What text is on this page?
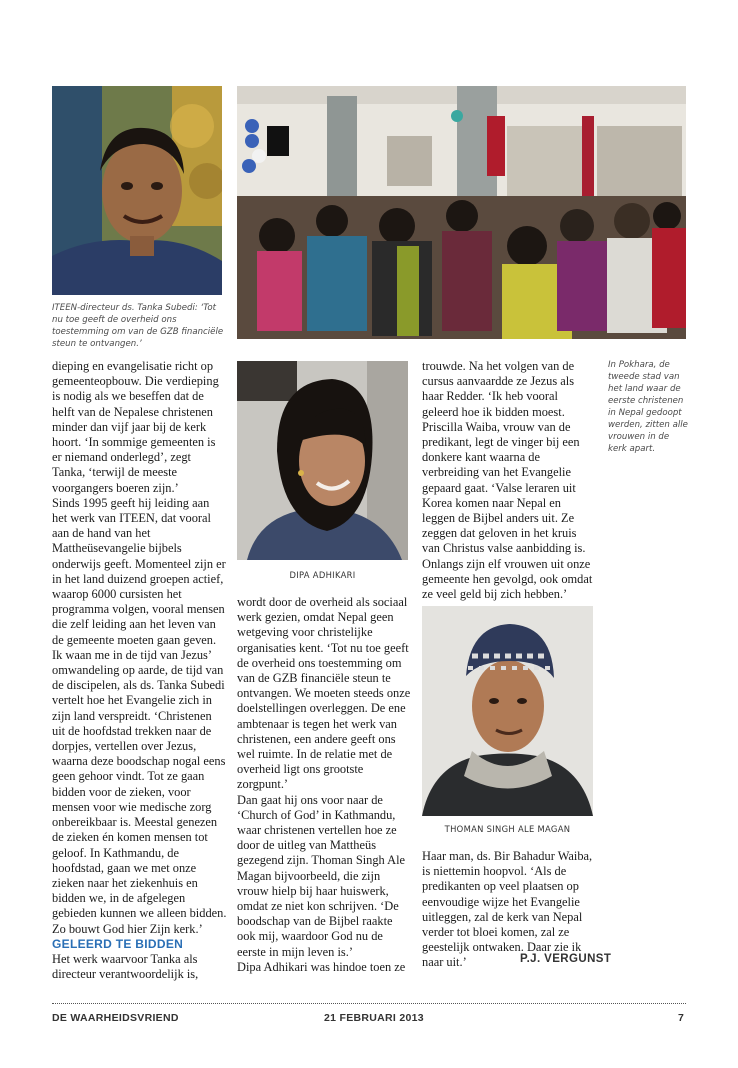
ITEEN-directeur ds. Tanka Subedi: ‘Tot nu toe geeft de overheid ons toestemming om van de GZB financiële steun te ontvangen.’
In Pokhara, de tweede stad van het land waar de eerste christenen in Nepal gedoopt werden, zitten alle vrouwen in de kerk apart.

dieping en evangelisatie richt op gemeenteopbouw. Die verdieping is nodig als we beseffen dat de helft van de Nepalese christenen minder dan vijf jaar bij de kerk hoort. ‘In sommige gemeenten is er niemand onderlegd’, zegt Tanka, ‘terwijl de meeste voorgangers boeren zijn.’

Sinds 1995 geeft hij leiding aan het werk van ITEEN, dat vooral aan de hand van het Mattheüsevangelie bijbels onderwijs geeft. Momenteel zijn er in het land duizend groepen actief, waarop 6000 cursisten het programma volgen, vooral mensen die zelf leiding aan het leven van de gemeente moeten gaan geven.

Ik waan me in de tijd van Jezus’ omwandeling op aarde, de tijd van de discipelen, als ds. Tanka Subedi vertelt hoe het Evangelie zich in zijn land verspreidt. ‘Christenen uit de hoofdstad trekken naar de dorpjes, vertellen over Jezus, waarna deze boodschap nogal eens geen gehoor vindt. Tot ze gaan bidden voor de zieken, voor mensen voor wie medische zorg onbereikbaar is. Meestal genezen de zieken én komen mensen tot geloof. In Kathmandu, de hoofdstad, gaan we met onze zieken naar het ziekenhuis en bidden we, in de afgelegen gebieden kunnen we alleen bidden. Zo bouwt God hier Zijn kerk.’

GELEERD TE BIDDEN

Het werk waarvoor Tanka als directeur verantwoordelijk is,

DIPA ADHIKARI

wordt door de overheid als sociaal werk gezien, omdat Nepal geen wetgeving voor christelijke organisaties kent. ‘Tot nu toe geeft de overheid ons toestemming om van de GZB financiële steun te ontvangen. We moeten steeds onze doelstellingen overleggen. De ene ambtenaar is tegen het werk van christenen, een andere geeft ons wel ruimte. In de relatie met de overheid ligt ons grootste zorgpunt.’

Dan gaat hij ons voor naar de ‘Church of God’ in Kathmandu, waar christenen vertellen hoe ze door de uitleg van Mattheüs gezegend zijn. Thoman Singh Ale Magan bijvoorbeeld, die zijn vrouw hielp bij haar huiswerk, omdat ze niet kon schrijven. ‘De boodschap van de Bijbel raakte ook mij, waardoor God nu de eerste in mijn leven is.’

Dipa Adhikari was hindoe toen ze

trouwde. Na het volgen van de cursus aanvaardde ze Jezus als haar Redder. ‘Ik heb vooral geleerd hoe ik bidden moest. Priscilla Waiba, vrouw van de predikant, legt de vinger bij een donkere kant waarna de verbreiding van het Evangelie gepaard gaat. ‘Valse leraren uit Korea komen naar Nepal en leggen de Bijbel anders uit. Ze zeggen dat geloven in het kruis van Christus valse aanbidding is. Onlangs zijn elf vrouwen uit onze gemeente hen gevolgd, ook omdat ze veel geld bij zich hebben.’

THOMAN SINGH ALE MAGAN

Haar man, ds. Bir Bahadur Waiba, is niettemin hoopvol. ‘Als de predikanten op veel plaatsen op eenvoudige wijze het Evangelie uitleggen, zal de kerk van Nepal verder tot bloei komen, zal ze geestelijk ontwaken. Daar zie ik naar uit.’	P.J. VERGUNST
DE WAARHEIDSVRIEND	21 FEBRUARI 2013	7
